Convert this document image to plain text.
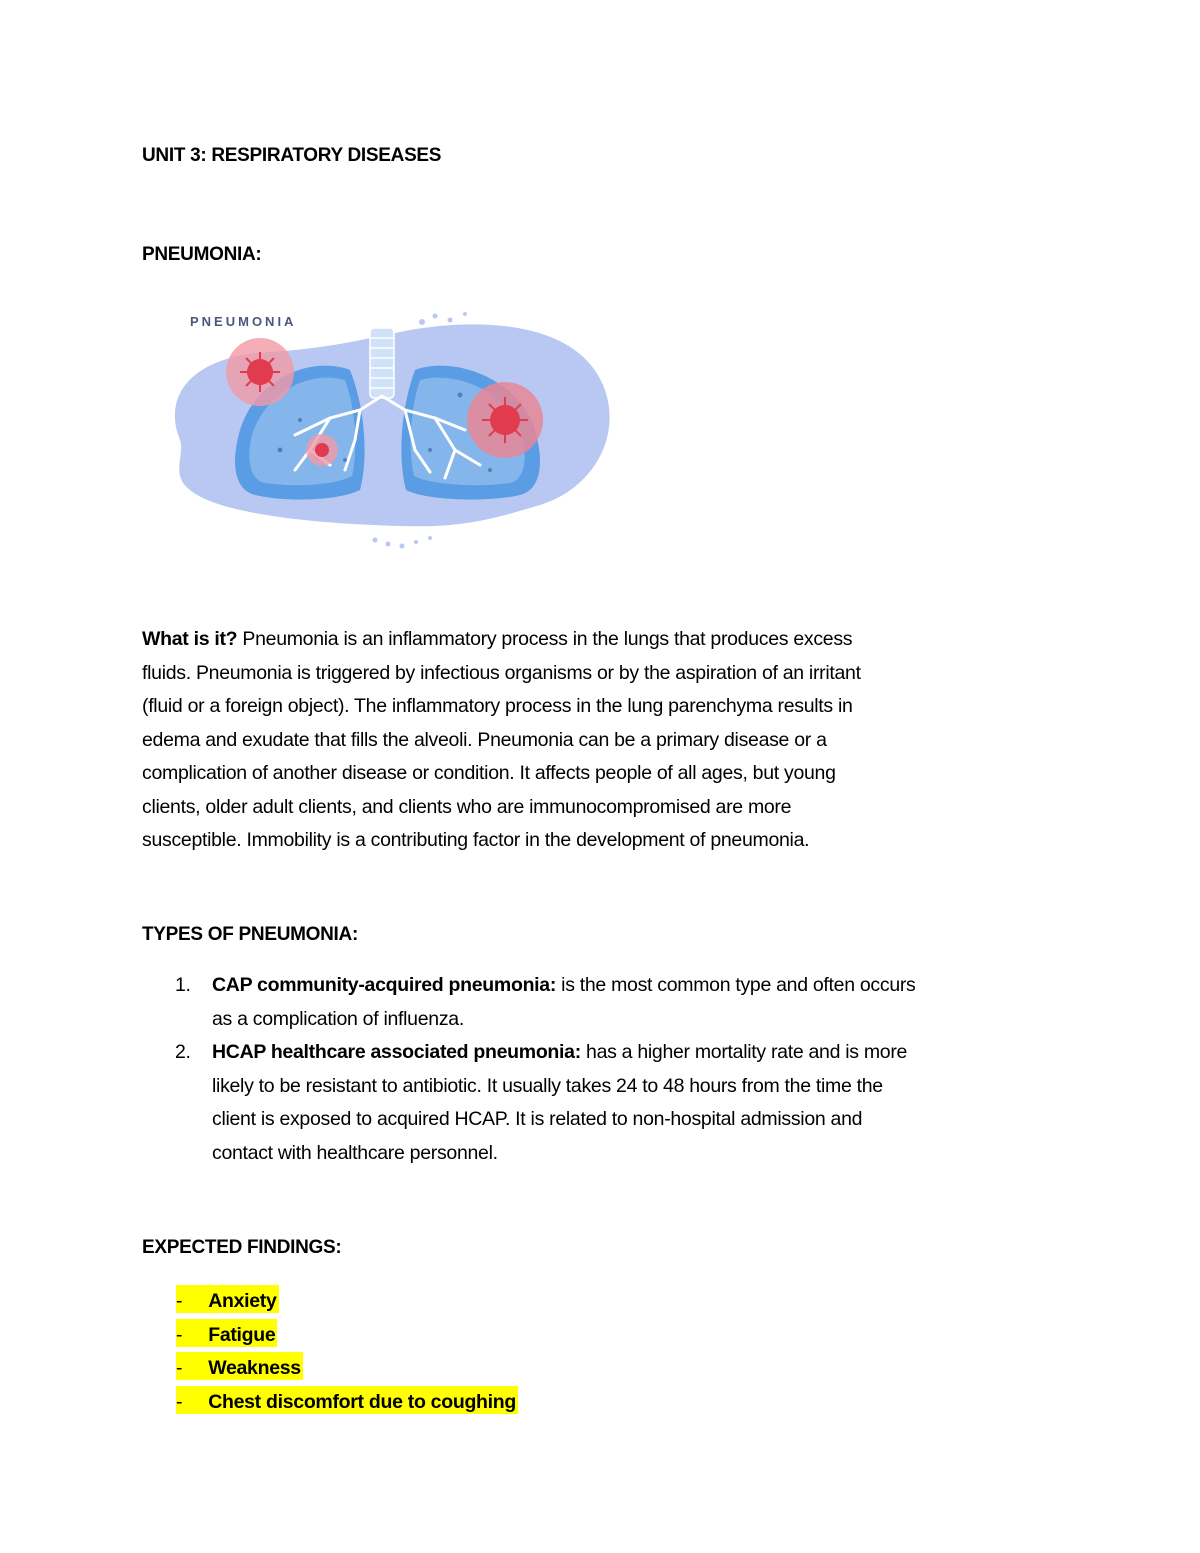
UNIT 3: RESPIRATORY DISEASES
PNEUMONIA:
PNEUMONIA
What is it? Pneumonia is an inflammatory process in the lungs that produces excess
fluids. Pneumonia is triggered by infectious organisms or by the aspiration of an irritant
(fluid or a foreign object). The inflammatory process in the lung parenchyma results in
edema and exudate that fills the alveoli. Pneumonia can be a primary disease or a
complication of another disease or condition. It affects people of all ages, but young
clients, older adult clients, and clients who are immunocompromised are more
susceptible. Immobility is a contributing factor in the development of pneumonia.
TYPES OF PNEUMONIA:
1. CAP community-acquired pneumonia: is the most common type and often occurs
as a complication of influenza.
2. HCAP healthcare associated pneumonia: has a higher mortality rate and is more
likely to be resistant to antibiotic. It usually takes 24 to 48 hours from the time the
client is exposed to acquired HCAP. It is related to non-hospital admission and
contact with healthcare personnel.
EXPECTED FINDINGS:
- Anxiety
- Fatigue
- Weakness
- Chest discomfort due to coughing
